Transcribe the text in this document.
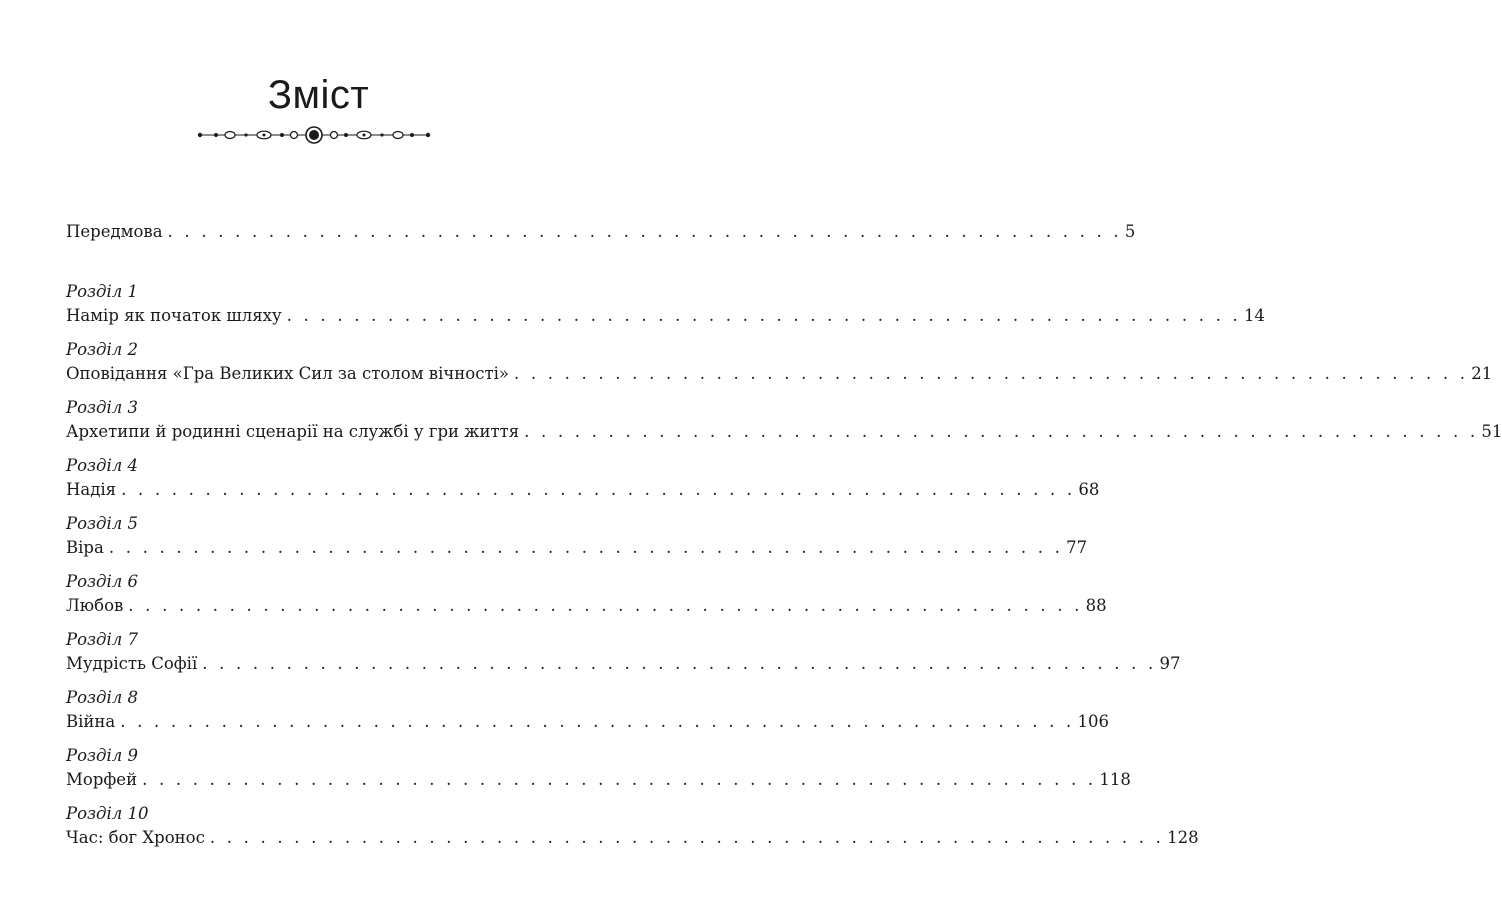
Зміст
Передмова . . . . . . . . . . . . . . . . . . . . . . . . . . . . . . . . . . . . . . . . . . . . . . . . . . . . . . . . . 5
Розділ 1
Намір як початок шляху . . . . . . . . . . . . . . . . . . . . . . . . . . . . . . . . . . . . . . . . . . . . . . . . . . . . . . . . . 14
Розділ 2
Оповідання «Гра Великих Сил за столом вічності» . . . . . . . . . . . . . . . . . . . . . . . . . . . . . . . . . . . . . . . . . . . . . . . . . . . . . . . . . 21
Розділ 3
Архетипи й родинні сценарії на службі у гри життя . . . . . . . . . . . . . . . . . . . . . . . . . . . . . . . . . . . . . . . . . . . . . . . . . . . . . . . . . 51
Розділ 4
Надія . . . . . . . . . . . . . . . . . . . . . . . . . . . . . . . . . . . . . . . . . . . . . . . . . . . . . . . . . 68
Розділ 5
Віра . . . . . . . . . . . . . . . . . . . . . . . . . . . . . . . . . . . . . . . . . . . . . . . . . . . . . . . . . 77
Розділ 6
Любов . . . . . . . . . . . . . . . . . . . . . . . . . . . . . . . . . . . . . . . . . . . . . . . . . . . . . . . . . 88
Розділ 7
Мудрість Софії . . . . . . . . . . . . . . . . . . . . . . . . . . . . . . . . . . . . . . . . . . . . . . . . . . . . . . . . . 97
Розділ 8
Війна . . . . . . . . . . . . . . . . . . . . . . . . . . . . . . . . . . . . . . . . . . . . . . . . . . . . . . . . . 106
Розділ 9
Морфей . . . . . . . . . . . . . . . . . . . . . . . . . . . . . . . . . . . . . . . . . . . . . . . . . . . . . . . . . 118
Розділ 10
Час: бог Хронос . . . . . . . . . . . . . . . . . . . . . . . . . . . . . . . . . . . . . . . . . . . . . . . . . . . . . . . . . 128
